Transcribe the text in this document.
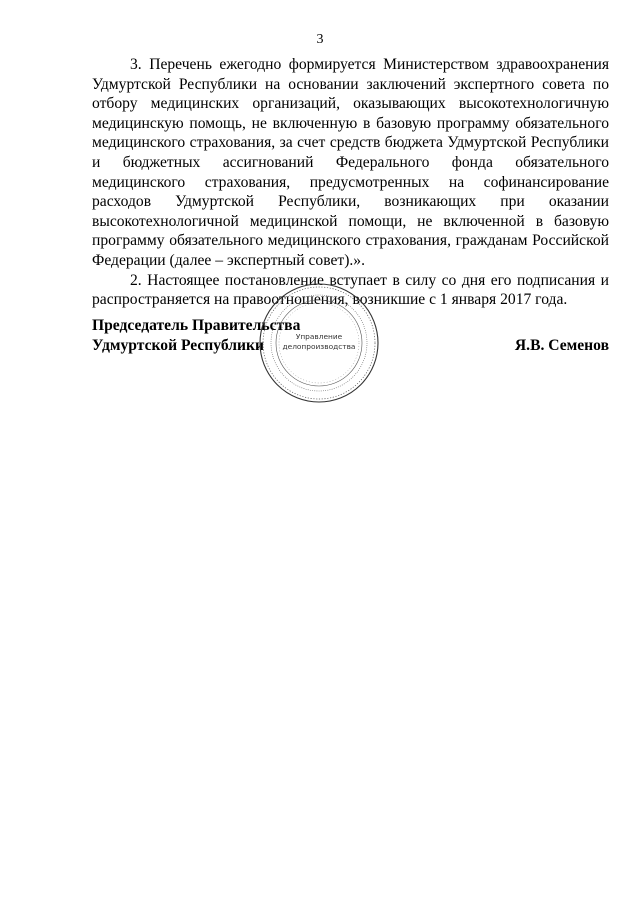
3

3. Перечень ежегодно формируется Министерством здравоохранения Удмуртской Республики на основании заключений экспертного совета по отбору медицинских организаций, оказывающих высокотехнологичную медицинскую помощь, не включенную в базовую программу обязательного медицинского страхования, за счет средств бюджета Удмуртской Республики и бюджетных ассигнований Федерального фонда обязательного медицинского страхования, предусмотренных на софинансирование расходов Удмуртской Республики, возникающих при оказании высокотехнологичной медицинской помощи, не включенной в базовую программу обязательного медицинского страхования, гражданам Российской Федерации (далее – экспертный совет).».

2. Настоящее постановление вступает в силу со дня его подписания и распространяется на правоотношения, возникшие с 1 января 2017 года.

Председатель Правительства
Удмуртской Республики	Я.В. Семенов
Управление
делопроизводства
